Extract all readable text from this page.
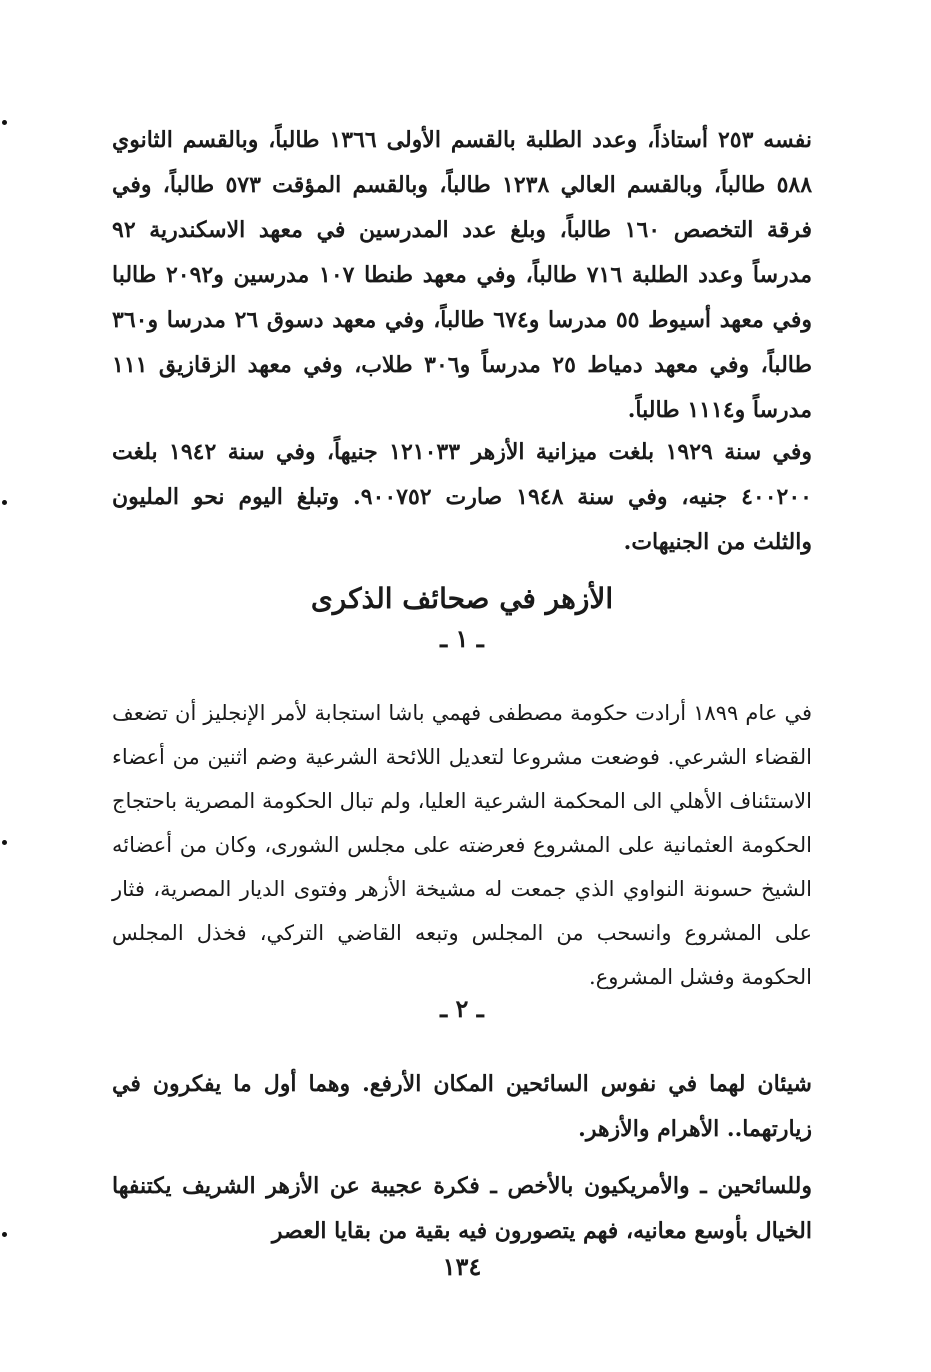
نفسه ٢٥٣ أستاذاً، وعدد الطلبة بالقسم الأولى ١٣٦٦ طالباً، وبالقسم الثانوي ٥٨٨ طالباً، وبالقسم العالي ١٢٣٨ طالباً، وبالقسم المؤقت ٥٧٣ طالباً، وفي فرقة التخصص ١٦٠ طالباً، وبلغ عدد المدرسين في معهد الاسكندرية ٩٢ مدرساً وعدد الطلبة ٧١٦ طالباً، وفي معهد طنطا ١٠٧ مدرسين و٢٠٩٢ طالبا وفي معهد أسيوط ٥٥ مدرسا و٦٧٤ طالباً، وفي معهد دسوق ٢٦ مدرسا و٣٦٠ طالباً، وفي معهد دمياط ٢٥ مدرساً و٣٠٦ طلاب، وفي معهد الزقازيق ١١١ مدرساً و١١١٤ طالباً.

وفي سنة ١٩٢٩ بلغت ميزانية الأزهر ١٢١٠٣٣ جنيهاً، وفي سنة ١٩٤٢ بلغت ٤٠٠٢٠٠ جنيه، وفي سنة ١٩٤٨ صارت ٩٠٠٧٥٢. وتبلغ اليوم نحو المليون والثلث من الجنيهات.

الأزهر في صحائف الذكرى
ـ ١ ـ

في عام ١٨٩٩ أرادت حكومة مصطفى فهمي باشا استجابة لأمر الإنجليز أن تضعف القضاء الشرعي. فوضعت مشروعا لتعديل اللائحة الشرعية وضم اثنين من أعضاء الاستئناف الأهلي الى المحكمة الشرعية العليا، ولم تبال الحكومة المصرية باحتجاج الحكومة العثمانية على المشروع فعرضته على مجلس الشورى، وكان من أعضائه الشيخ حسونة النواوي الذي جمعت له مشيخة الأزهر وفتوى الديار المصرية، فثار على المشروع وانسحب من المجلس وتبعه القاضي التركي، فخذل المجلس الحكومة وفشل المشروع.

ـ ٢ ـ

شيئان لهما في نفوس السائحين المكان الأرفع. وهما أول ما يفكرون في زيارتهما.. الأهرام والأزهر.

وللسائحين ـ والأمريكيون بالأخص ـ فكرة عجيبة عن الأزهر الشريف يكتنفها الخيال بأوسع معانيه، فهم يتصورون فيه بقية من بقايا العصر

١٣٤
